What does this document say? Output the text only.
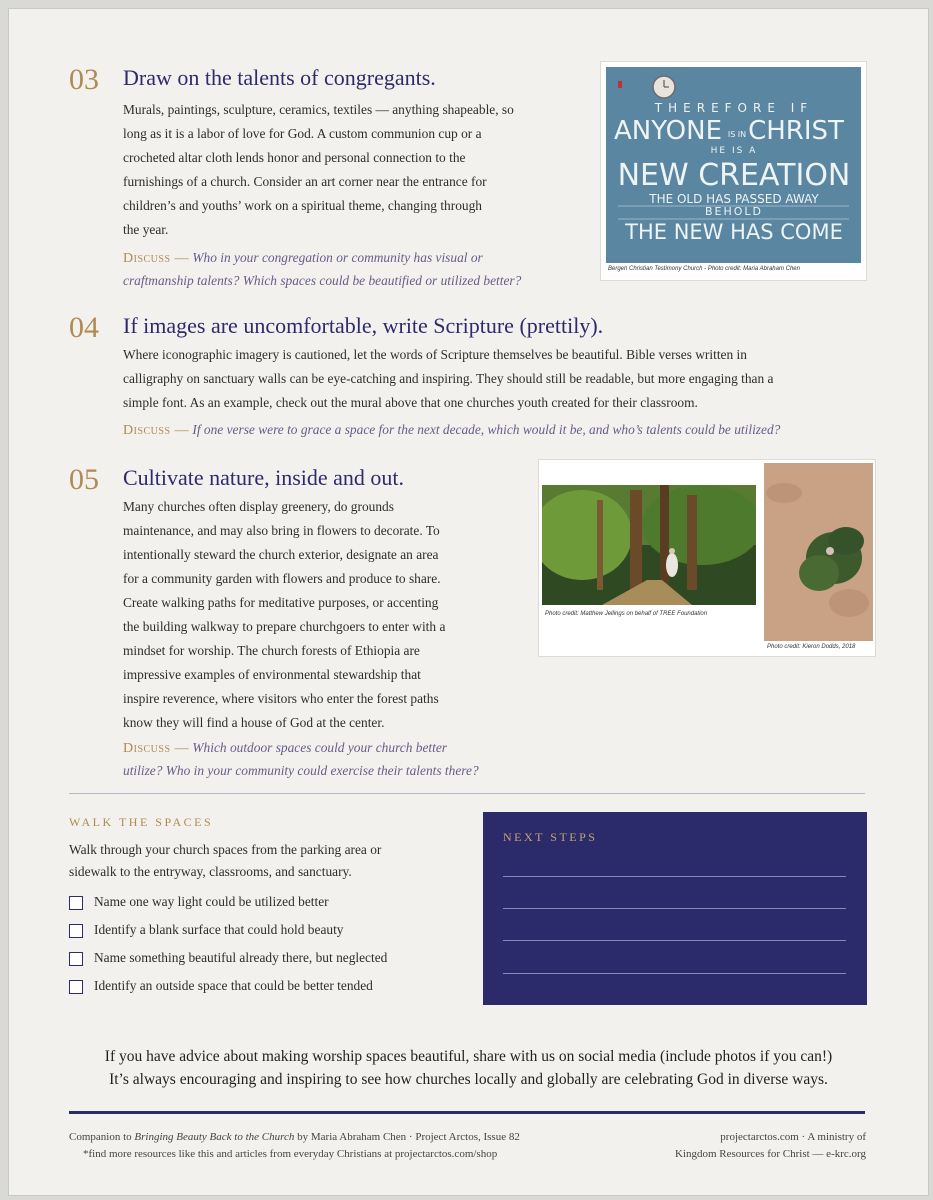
03 Draw on the talents of congregants.
Murals, paintings, sculpture, ceramics, textiles — anything shapeable, so
long as it is a labor of love for God. A custom communion cup or a
crocheted altar cloth lends honor and personal connection to the
furnishings of a church. Consider an art corner near the entrance for
children’s and youths’ work on a spiritual theme, changing through
the year.
Discuss — Who in your congregation or community has visual or
craftmanship talents? Which spaces could be beautified or utilized better?
THEREFORE IF
ANYONE IS IN CHRIST
HE IS A
NEW CREATION
THE OLD HAS PASSED AWAY
BEHOLD
THE NEW HAS COME
Bergen Christian Testimony Church - Photo credit: Maria Abraham Chen
04 If images are uncomfortable, write Scripture (prettily).
Where iconographic imagery is cautioned, let the words of Scripture themselves be beautiful. Bible verses written in
calligraphy on sanctuary walls can be eye-catching and inspiring. They should still be readable, but more engaging than a
simple font. As an example, check out the mural above that one churches youth created for their classroom.
Discuss — If one verse were to grace a space for the next decade, which would it be, and who’s talents could be utilized?
05 Cultivate nature, inside and out.
Many churches often display greenery, do grounds
maintenance, and may also bring in flowers to decorate. To
intentionally steward the church exterior, designate an area
for a community garden with flowers and produce to share.
Create walking paths for meditative purposes, or accenting
the building walkway to prepare churchgoers to enter with a
mindset for worship. The church forests of Ethiopia are
impressive examples of environmental stewardship that
inspire reverence, where visitors who enter the forest paths
know they will find a house of God at the center.
Discuss — Which outdoor spaces could your church better
utilize? Who in your community could exercise their talents there?
Photo credit: Matthew Jellings on behalf of TREE Foundation
Photo credit: Kieron Dodds, 2018
WALK THE SPACES
Walk through your church spaces from the parking area or
sidewalk to the entryway, classrooms, and sanctuary.
Name one way light could be utilized better
Identify a blank surface that could hold beauty
Name something beautiful already there, but neglected
Identify an outside space that could be better tended
NEXT STEPS
If you have advice about making worship spaces beautiful, share with us on social media (include photos if you can!)
It’s always encouraging and inspiring to see how churches locally and globally are celebrating God in diverse ways.
Companion to Bringing Beauty Back to the Church by Maria Abraham Chen · Project Arctos, Issue 82
*find more resources like this and articles from everyday Christians at projectarctos.com/shop
projectarctos.com · A ministry of
Kingdom Resources for Christ — e-krc.org
